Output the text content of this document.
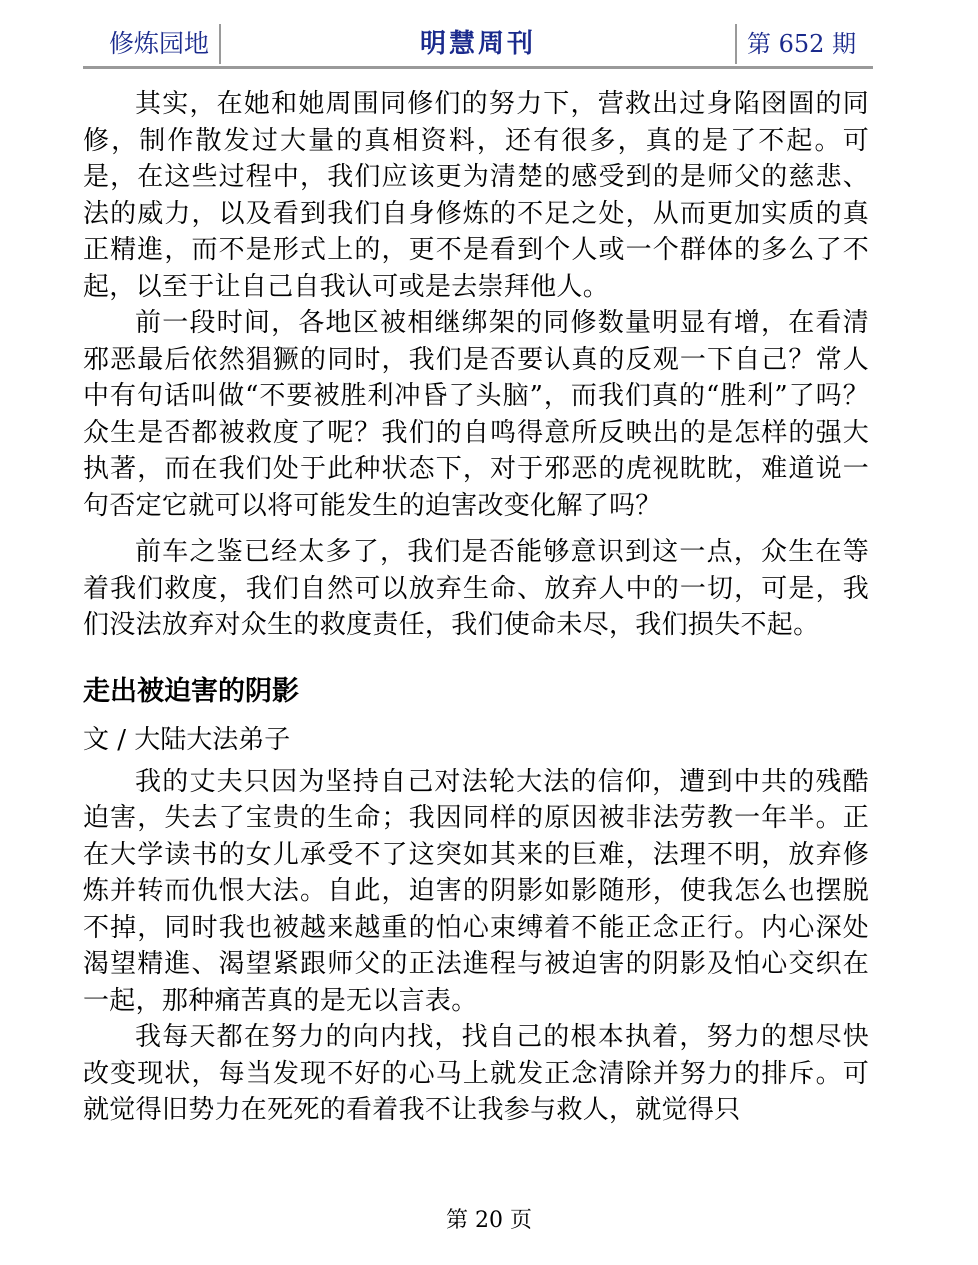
修炼园地	明慧周刊	第 652 期

其实，在她和她周围同修们的努力下，营救出过身陷囹圄的同修，制作散发过大量的真相资料，还有很多，真的是了不起。可是，在这些过程中，我们应该更为清楚的感受到的是师父的慈悲、法的威力，以及看到我们自身修炼的不足之处，从而更加实质的真正精進，而不是形式上的，更不是看到个人或一个群体的多么了不起，以至于让自己自我认可或是去崇拜他人。

前一段时间，各地区被相继绑架的同修数量明显有增，在看清邪恶最后依然猖獗的同时，我们是否要认真的反观一下自己？常人中有句话叫做“不要被胜利冲昏了头脑”，而我们真的“胜利”了吗？众生是否都被救度了呢？我们的自鸣得意所反映出的是怎样的强大执著，而在我们处于此种状态下，对于邪恶的虎视眈眈，难道说一句否定它就可以将可能发生的迫害改变化解了吗？

前车之鉴已经太多了，我们是否能够意识到这一点，众生在等着我们救度，我们自然可以放弃生命、放弃人中的一切，可是，我们没法放弃对众生的救度责任，我们使命未尽，我们损失不起。

走出被迫害的阴影

文 / 大陆大法弟子

我的丈夫只因为坚持自己对法轮大法的信仰，遭到中共的残酷迫害，失去了宝贵的生命；我因同样的原因被非法劳教一年半。正在大学读书的女儿承受不了这突如其来的巨难，法理不明，放弃修炼并转而仇恨大法。自此，迫害的阴影如影随形，使我怎么也摆脱不掉，同时我也被越来越重的怕心束缚着不能正念正行。内心深处渴望精進、渴望紧跟师父的正法進程与被迫害的阴影及怕心交织在一起，那种痛苦真的是无以言表。

我每天都在努力的向内找，找自己的根本执着，努力的想尽快改变现状，每当发现不好的心马上就发正念清除并努力的排斥。可就觉得旧势力在死死的看着我不让我参与救人，就觉得只

第 20 页
